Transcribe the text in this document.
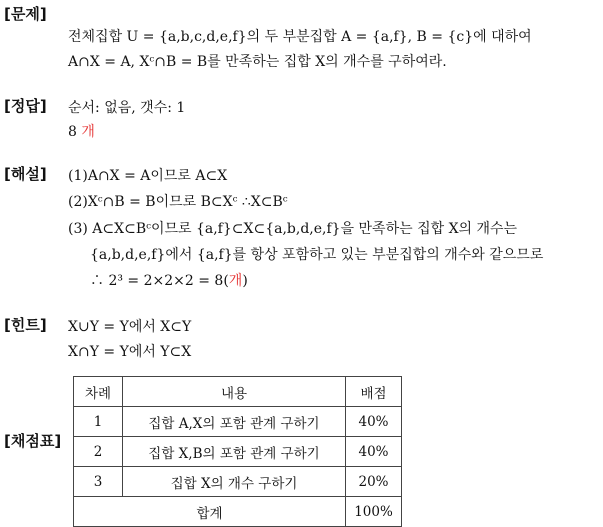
[문제]
전체집합 U = {a,b,c,d,e,f}의 두 부분집합 A = {a,f}, B = {c}에 대하여
A∩X = A, Xᶜ∩B = B를 만족하는 집합 X의 개수를 구하여라.
[정답] 순서: 없음, 갯수: 1
8 개
[해설] (1)A∩X = A이므로 A⊂X
(2)Xᶜ∩B = B이므로 B⊂Xᶜ ∴X⊂Bᶜ
(3) A⊂X⊂Bᶜ이므로 {a,f}⊂X⊂{a,b,d,e,f}을 만족하는 집합 X의 개수는
{a,b,d,e,f}에서 {a,f}를 항상 포함하고 있는 부분집합의 개수와 같으므로
∴ 2³ = 2×2×2 = 8(개)
[힌트] X∪Y = Y에서 X⊂Y
X∩Y = Y에서 Y⊂X
[채점표]
차례	내용	배점
1	집합 A,X의 포함 관계 구하기	40%
2	집합 X,B의 포함 관계 구하기	40%
3	집합 X의 개수 구하기	20%
합계		100%
